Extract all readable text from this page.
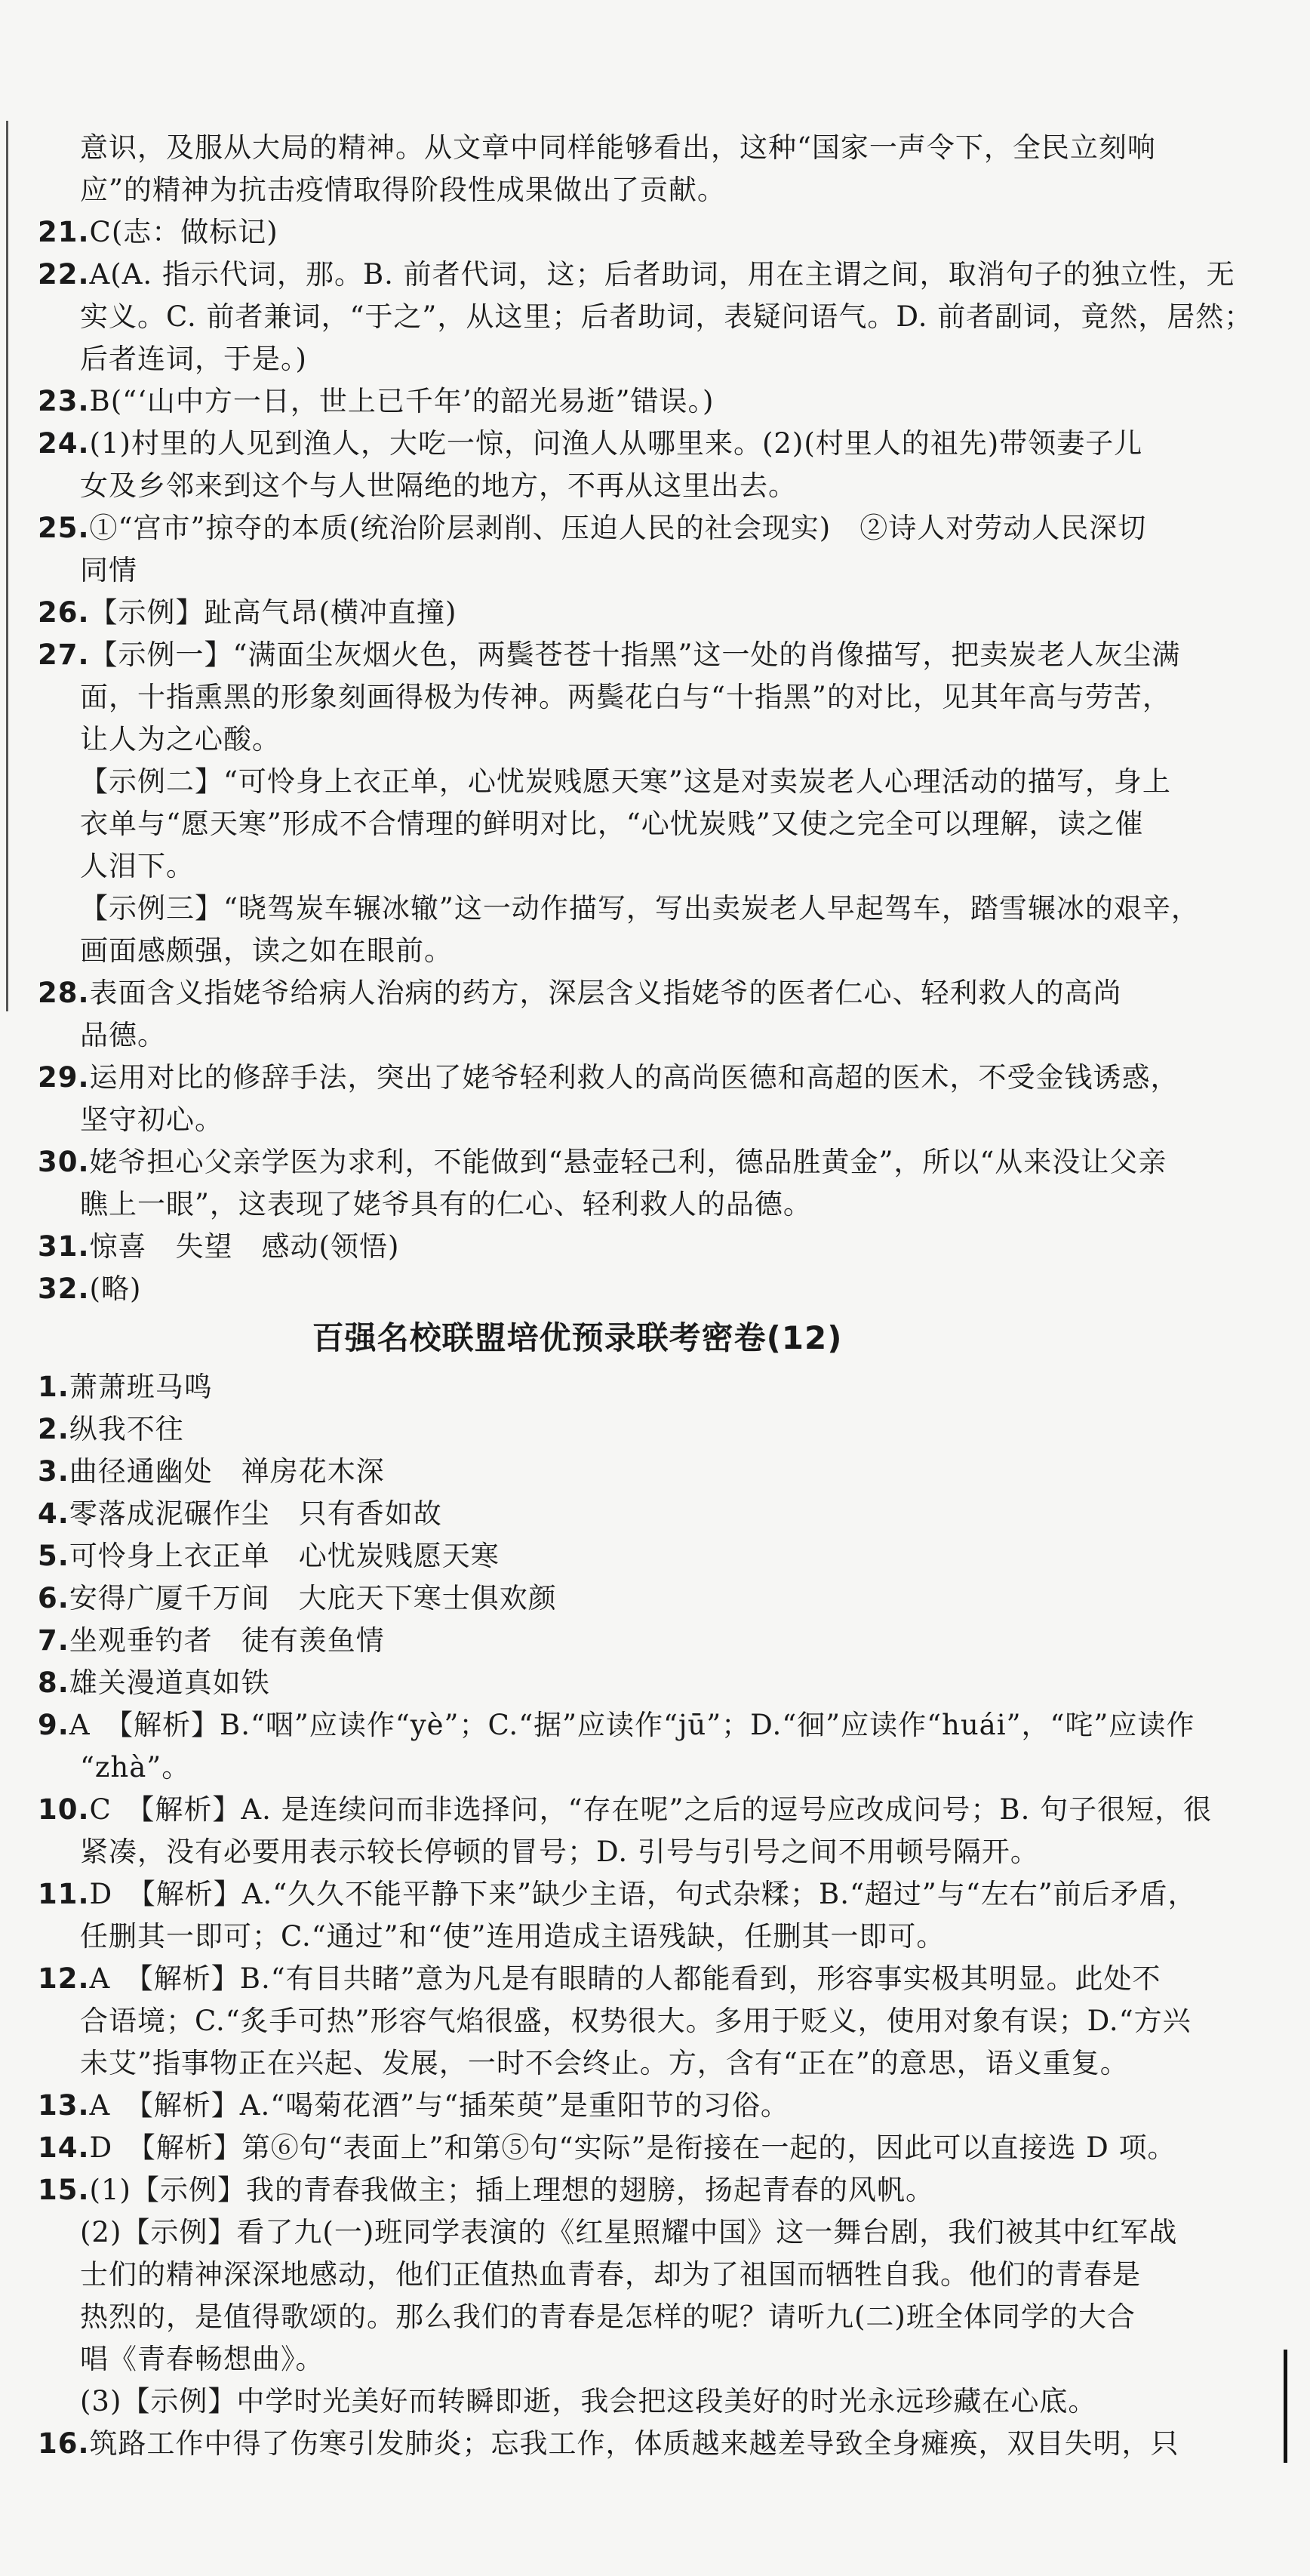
意识，及服从大局的精神。从文章中同样能够看出，这种“国家一声令下，全民立刻响
应”的精神为抗击疫情取得阶段性成果做出了贡献。
21.C(志：做标记)
22.A(A. 指示代词，那。B. 前者代词，这；后者助词，用在主谓之间，取消句子的独立性，无
实义。C. 前者兼词，“于之”，从这里；后者助词，表疑问语气。D. 前者副词，竟然，居然；
后者连词，于是。)
23.B(“‘山中方一日，世上已千年’的韶光易逝”错误。)
24.(1)村里的人见到渔人，大吃一惊，问渔人从哪里来。(2)(村里人的祖先)带领妻子儿
女及乡邻来到这个与人世隔绝的地方，不再从这里出去。
25.①“宫市”掠夺的本质(统治阶层剥削、压迫人民的社会现实)　②诗人对劳动人民深切
同情
26.【示例】趾高气昂(横冲直撞)
27.【示例一】“满面尘灰烟火色，两鬓苍苍十指黑”这一处的肖像描写，把卖炭老人灰尘满
面，十指熏黑的形象刻画得极为传神。两鬓花白与“十指黑”的对比，见其年高与劳苦，
让人为之心酸。
【示例二】“可怜身上衣正单，心忧炭贱愿天寒”这是对卖炭老人心理活动的描写，身上
衣单与“愿天寒”形成不合情理的鲜明对比，“心忧炭贱”又使之完全可以理解，读之催
人泪下。
【示例三】“晓驾炭车辗冰辙”这一动作描写，写出卖炭老人早起驾车，踏雪辗冰的艰辛，
画面感颇强，读之如在眼前。
28.表面含义指姥爷给病人治病的药方，深层含义指姥爷的医者仁心、轻利救人的高尚
品德。
29.运用对比的修辞手法，突出了姥爷轻利救人的高尚医德和高超的医术，不受金钱诱惑，
坚守初心。
30.姥爷担心父亲学医为求利，不能做到“悬壶轻己利，德品胜黄金”，所以“从来没让父亲
瞧上一眼”，这表现了姥爷具有的仁心、轻利救人的品德。
31.惊喜　失望　感动(领悟)
32.(略)
百强名校联盟培优预录联考密卷(12)
1.萧萧班马鸣
2.纵我不往
3.曲径通幽处　禅房花木深
4.零落成泥碾作尘　只有香如故
5.可怜身上衣正单　心忧炭贱愿天寒
6.安得广厦千万间　大庇天下寒士俱欢颜
7.坐观垂钓者　徒有羡鱼情
8.雄关漫道真如铁
9.A　【解析】B.“咽”应读作“yè”；C.“据”应读作“jū”；D.“徊”应读作“huái”，“咤”应读作
“zhà”。
10.C　【解析】A. 是连续问而非选择问，“存在呢”之后的逗号应改成问号；B. 句子很短，很
紧凑，没有必要用表示较长停顿的冒号；D. 引号与引号之间不用顿号隔开。
11.D　【解析】A.“久久不能平静下来”缺少主语，句式杂糅；B.“超过”与“左右”前后矛盾，
任删其一即可；C.“通过”和“使”连用造成主语残缺，任删其一即可。
12.A　【解析】B.“有目共睹”意为凡是有眼睛的人都能看到，形容事实极其明显。此处不
合语境；C.“炙手可热”形容气焰很盛，权势很大。多用于贬义，使用对象有误；D.“方兴
未艾”指事物正在兴起、发展，一时不会终止。方，含有“正在”的意思，语义重复。
13.A　【解析】A.“喝菊花酒”与“插茱萸”是重阳节的习俗。
14.D　【解析】第⑥句“表面上”和第⑤句“实际”是衔接在一起的，因此可以直接选 D 项。
15.(1)【示例】我的青春我做主；插上理想的翅膀，扬起青春的风帆。
(2)【示例】看了九(一)班同学表演的《红星照耀中国》这一舞台剧，我们被其中红军战
士们的精神深深地感动，他们正值热血青春，却为了祖国而牺牲自我。他们的青春是
热烈的，是值得歌颂的。那么我们的青春是怎样的呢？请听九(二)班全体同学的大合
唱《青春畅想曲》。
(3)【示例】中学时光美好而转瞬即逝，我会把这段美好的时光永远珍藏在心底。
16.筑路工作中得了伤寒引发肺炎；忘我工作，体质越来越差导致全身瘫痪，双目失明，只
